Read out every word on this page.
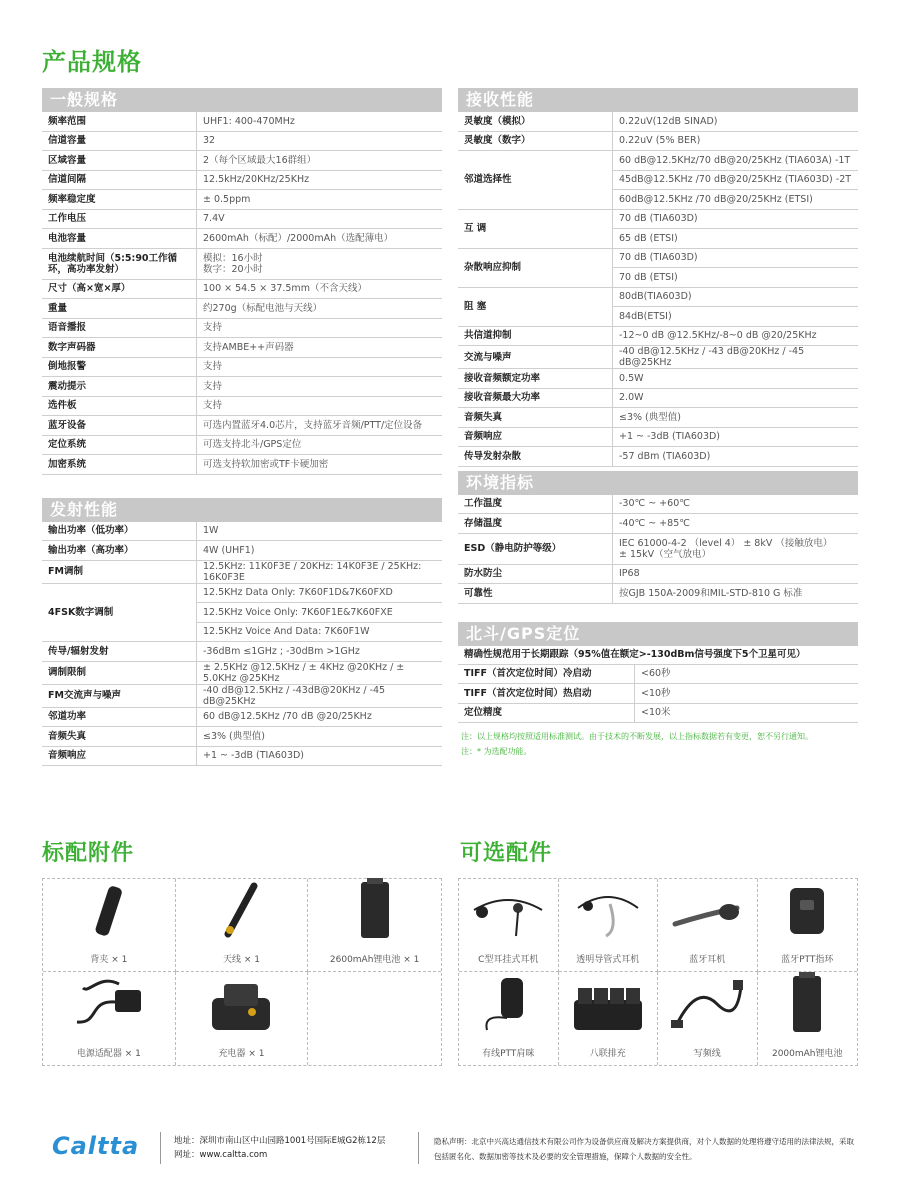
产品规格
一般规格
频率范围	UHF1: 400-470MHz
信道容量	32
区域容量	2（每个区域最大16群组）
信道间隔	12.5kHz/20KHz/25KHz
频率稳定度	± 0.5ppm
工作电压	7.4V
电池容量	2600mAh（标配）/2000mAh（选配薄电）
电池续航时间（5:5:90工作循环，高功率发射）	模拟：16小时
数字：20小时
尺寸（高×宽×厚）	100 × 54.5 × 37.5mm（不含天线）
重量	约270g（标配电池与天线）
语音播报	支持
数字声码器	支持AMBE++声码器
倒地报警	支持
震动提示	支持
选件板	支持
蓝牙设备	可选内置蓝牙4.0芯片，支持蓝牙音频/PTT/定位设备
定位系统	可选支持北斗/GPS定位
加密系统	可选支持软加密或TF卡硬加密
发射性能
输出功率（低功率）	1W
输出功率（高功率）	4W (UHF1)
FM调制	12.5KHz: 11K0F3E / 20KHz: 14K0F3E / 25KHz: 16K0F3E
4FSK数字调制	12.5KHz Data Only: 7K60F1D&7K60FXD
	12.5KHz Voice Only: 7K60F1E&7K60FXE
	12.5KHz Voice And Data: 7K60F1W
传导/辐射发射	-36dBm ≤1GHz ; -30dBm >1GHz
调制限制	± 2.5KHz @12.5KHz / ± 4KHz @20KHz / ± 5.0KHz @25KHz
FM交流声与噪声	-40 dB@12.5KHz / -43dB@20KHz / -45 dB@25KHz
邻道功率	60 dB@12.5KHz /70 dB @20/25KHz
音频失真	≤3% (典型值)
音频响应	+1 ~ -3dB (TIA603D)
接收性能
灵敏度（模拟）	0.22uV(12dB SINAD)
灵敏度（数字）	0.22uV (5% BER)
邻道选择性	60 dB@12.5KHz/70 dB@20/25KHz (TIA603A) -1T
	45dB@12.5KHz /70 dB@20/25KHz (TIA603D) -2T
	60dB@12.5KHz /70 dB@20/25KHz (ETSI)
互 调	70 dB (TIA603D)
	65 dB (ETSI)
杂散响应抑制	70 dB (TIA603D)
	70 dB (ETSI)
阻 塞	80dB(TIA603D)
	84dB(ETSI)
共信道抑制	-12~0 dB @12.5KHz/-8~0 dB @20/25KHz
交流与噪声	-40 dB@12.5KHz / -43 dB@20KHz / -45 dB@25KHz
接收音频额定功率	0.5W
接收音频最大功率	2.0W
音频失真	≤3% (典型值)
音频响应	+1 ~ -3dB (TIA603D)
传导发射杂散	-57 dBm (TIA603D)
环境指标
工作温度	-30℃ ~ +60℃
存储温度	-40℃ ~ +85℃
ESD（静电防护等级）	IEC 61000-4-2 （level 4） ± 8kV （接触放电）
± 15kV（空气放电）
防水防尘	IP68
可靠性	按GJB 150A-2009和MIL-STD-810 G 标准
北斗/GPS定位
精确性规范用于长期跟踪（95%值在额定>-130dBm信号强度下5个卫星可见）
TIFF（首次定位时间）冷启动	<60秒
TIFF（首次定位时间）热启动	<10秒
定位精度	<10米
注：以上规格均按照适用标准测试。由于技术的不断发展，以上指标数据若有变更，恕不另行通知。
注：* 为选配功能。
标配附件	可选配件
背夹 × 1	天线 × 1	2600mAh锂电池 × 1
电源适配器 × 1	充电器 × 1
C型耳挂式耳机	透明导管式耳机	蓝牙耳机	蓝牙PTT指环
有线PTT肩咪	八联排充	写频线	2000mAh锂电池
Caltta	地址：深圳市南山区中山园路1001号国际E城G2栋12层
网址：www.caltta.com
隐私声明：北京中兴高达通信技术有限公司作为设备供应商及解决方案提供商，对个人数据的处理将遵守适用的法律法规，采取包括匿名化、数据加密等技术及必要的安全管理措施，保障个人数据的安全性。
